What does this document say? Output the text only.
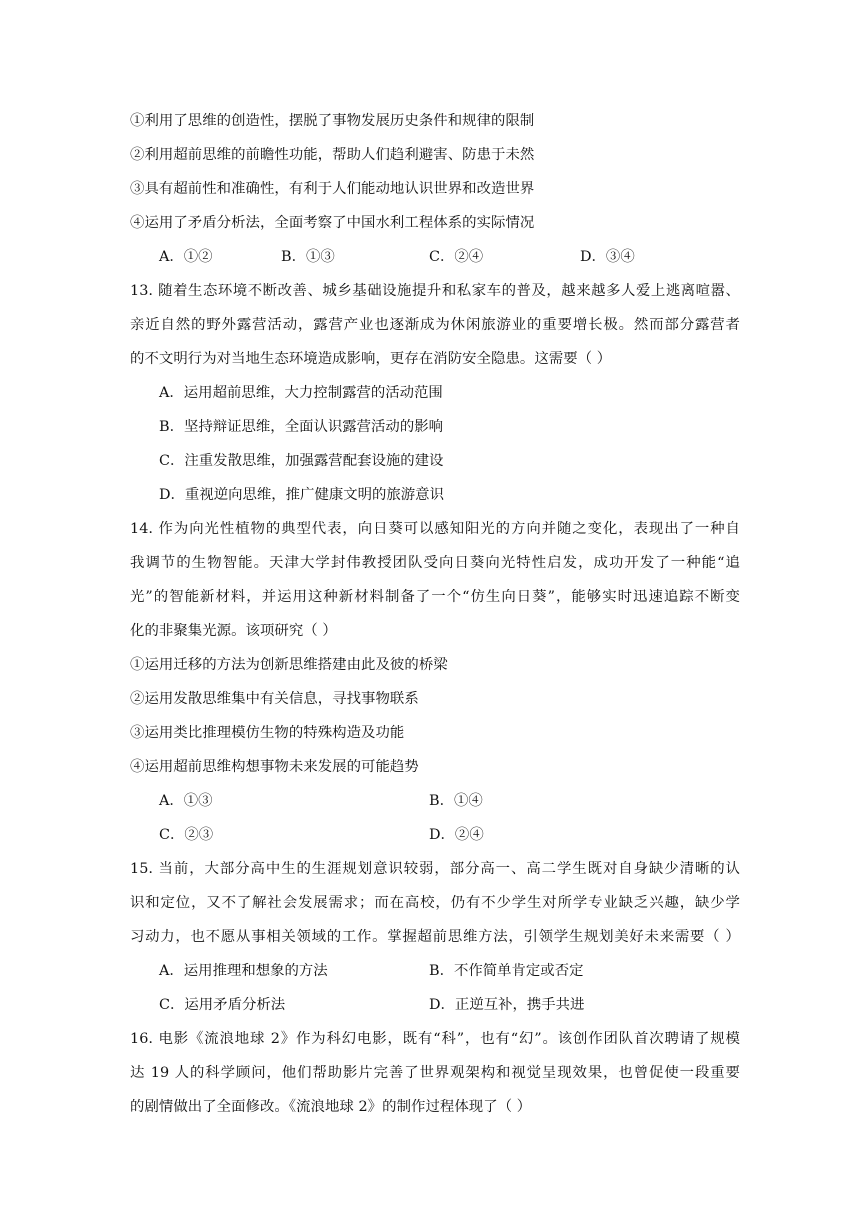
①利用了思维的创造性，摆脱了事物发展历史条件和规律的限制
②利用超前思维的前瞻性功能，帮助人们趋利避害、防患于未然
③具有超前性和准确性，有利于人们能动地认识世界和改造世界
④运用了矛盾分析法，全面考察了中国水利工程体系的实际情况
A．①②	B．①③	C．②④	D．③④
13. 随着生态环境不断改善、城乡基础设施提升和私家车的普及，越来越多人爱上逃离喧嚣、
亲近自然的野外露营活动，露营产业也逐渐成为休闲旅游业的重要增长极。然而部分露营者
的不文明行为对当地生态环境造成影响，更存在消防安全隐患。这需要（ ）
A．运用超前思维，大力控制露营的活动范围
B．坚持辩证思维，全面认识露营活动的影响
C．注重发散思维，加强露营配套设施的建设
D．重视逆向思维，推广健康文明的旅游意识
14. 作为向光性植物的典型代表，向日葵可以感知阳光的方向并随之变化，表现出了一种自
我调节的生物智能。天津大学封伟教授团队受向日葵向光特性启发，成功开发了一种能“追
光”的智能新材料，并运用这种新材料制备了一个“仿生向日葵”，能够实时迅速追踪不断变
化的非聚集光源。该项研究（ ）
①运用迁移的方法为创新思维搭建由此及彼的桥梁
②运用发散思维集中有关信息，寻找事物联系
③运用类比推理模仿生物的特殊构造及功能
④运用超前思维构想事物未来发展的可能趋势
A．①③	B．①④
C．②③	D．②④
15. 当前，大部分高中生的生涯规划意识较弱，部分高一、高二学生既对自身缺少清晰的认
识和定位，又不了解社会发展需求；而在高校，仍有不少学生对所学专业缺乏兴趣，缺少学
习动力，也不愿从事相关领域的工作。掌握超前思维方法，引领学生规划美好未来需要（ ）
A．运用推理和想象的方法	B．不作简单肯定或否定
C．运用矛盾分析法	D．正逆互补，携手共进
16. 电影《流浪地球 2》作为科幻电影，既有“科”，也有“幻”。该创作团队首次聘请了规模
达 19 人的科学顾问，他们帮助影片完善了世界观架构和视觉呈现效果，也曾促使一段重要
的剧情做出了全面修改。《流浪地球 2》的制作过程体现了（ ）
